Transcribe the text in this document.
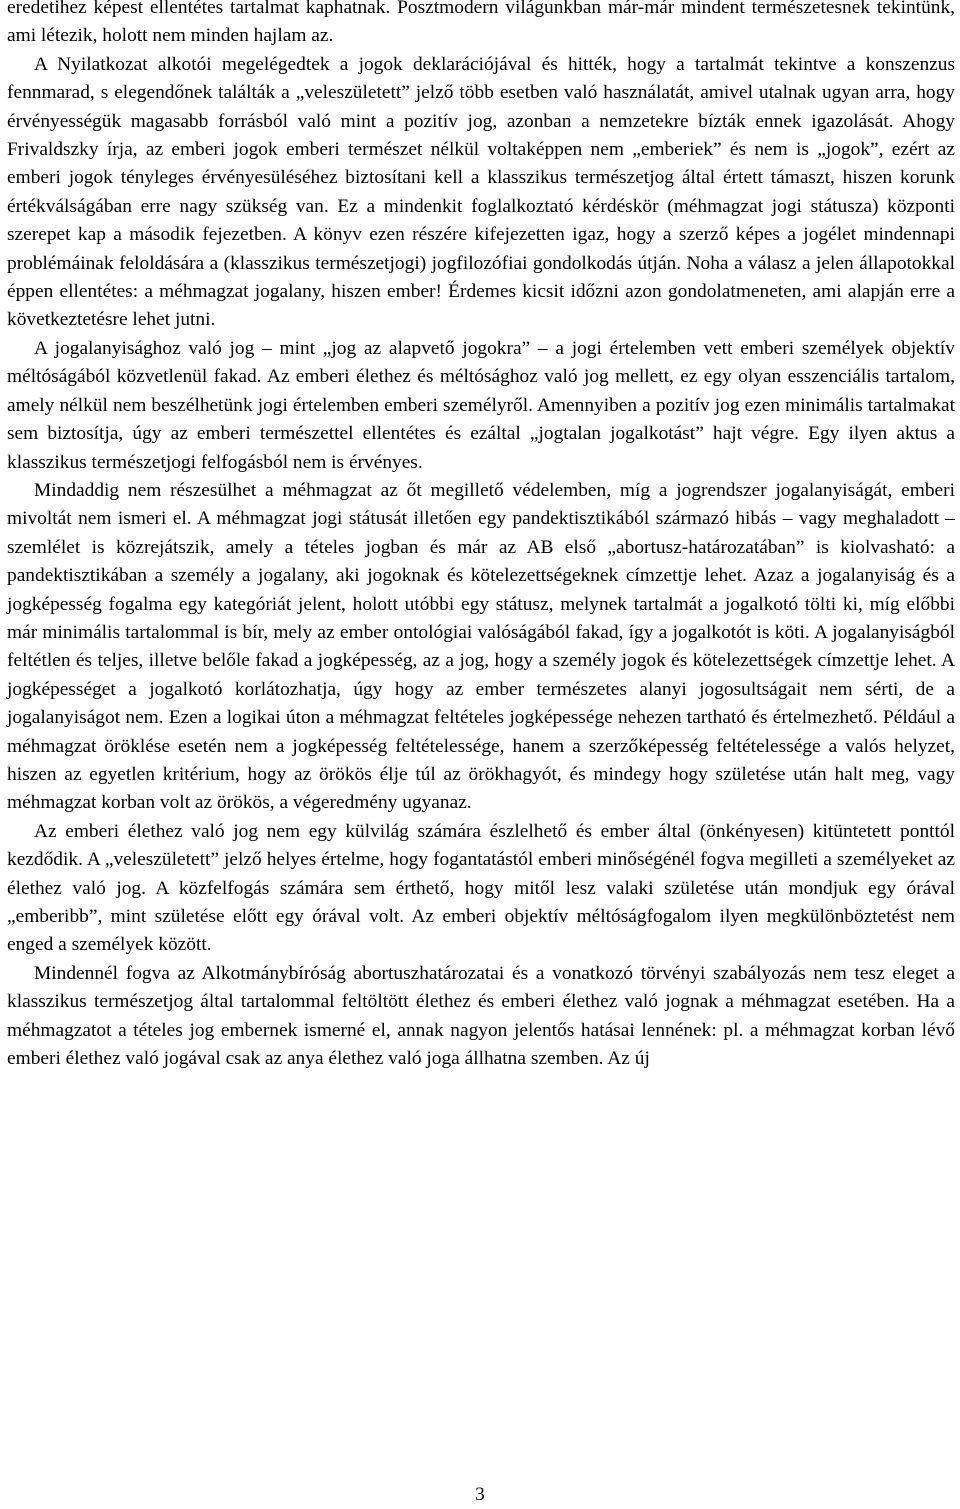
eredetihez képest ellentétes tartalmat kaphatnak. Posztmodern világunkban már-már mindent természetesnek tekintünk, ami létezik, holott nem minden hajlam az.

A Nyilatkozat alkotói megelégedtek a jogok deklarációjával és hitték, hogy a tartalmát tekintve a konszenzus fennmarad, s elegendőnek találták a „veleszületett” jelző több esetben való használatát, amivel utalnak ugyan arra, hogy érvényességük magasabb forrásból való mint a pozitív jog, azonban a nemzetekre bízták ennek igazolását. Ahogy Frivaldszky írja, az emberi jogok emberi természet nélkül voltaképpen nem „emberiek” és nem is „jogok”, ezért az emberi jogok tényleges érvényesüléséhez biztosítani kell a klasszikus természetjog által értett támaszt, hiszen korunk értékválságában erre nagy szükség van. Ez a mindenkit foglalkoztató kérdéskör (méhmagzat jogi státusza) központi szerepet kap a második fejezetben. A könyv ezen részére kifejezetten igaz, hogy a szerző képes a jogélet mindennapi problémáinak feloldására a (klasszikus természetjogi) jogfilozófiai gondolkodás útján. Noha a válasz a jelen állapotokkal éppen ellentétes: a méhmagzat jogalany, hiszen ember! Érdemes kicsit időzni azon gondolatmeneten, ami alapján erre a következtetésre lehet jutni.

A jogalanyisághoz való jog – mint „jog az alapvető jogokra” – a jogi értelemben vett emberi személyek objektív méltóságából közvetlenül fakad. Az emberi élethez és méltósághoz való jog mellett, ez egy olyan esszenciális tartalom, amely nélkül nem beszélhetünk jogi értelemben emberi személyről. Amennyiben a pozitív jog ezen minimális tartalmakat sem biztosítja, úgy az emberi természettel ellentétes és ezáltal „jogtalan jogalkotást” hajt végre. Egy ilyen aktus a klasszikus természetjogi felfogásból nem is érvényes.

Mindaddig nem részesülhet a méhmagzat az őt megillető védelemben, míg a jogrendszer jogalanyiságát, emberi mivoltát nem ismeri el. A méhmagzat jogi státusát illetően egy pandektisztikából származó hibás – vagy meghaladott – szemlélet is közrejátszik, amely a tételes jogban és már az AB első „abortusz-határozatában” is kiolvasható: a pandektisztikában a személy a jogalany, aki jogoknak és kötelezettségeknek címzettje lehet. Azaz a jogalanyiság és a jogképesség fogalma egy kategóriát jelent, holott utóbbi egy státusz, melynek tartalmát a jogalkotó tölti ki, míg előbbi már minimális tartalommal is bír, mely az ember ontológiai valóságából fakad, így a jogalkotót is köti. A jogalanyiságból feltétlen és teljes, illetve belőle fakad a jogképesség, az a jog, hogy a személy jogok és kötelezettségek címzettje lehet. A jogképességet a jogalkotó korlátozhatja, úgy hogy az ember természetes alanyi jogosultságait nem sérti, de a jogalanyiságot nem. Ezen a logikai úton a méhmagzat feltételes jogképessége nehezen tartható és értelmezhető. Például a méhmagzat öröklése esetén nem a jogképesség feltételessége, hanem a szerzőképesség feltételessége a valós helyzet, hiszen az egyetlen kritérium, hogy az örökös élje túl az örökhagyót, és mindegy hogy születése után halt meg, vagy méhmagzat korban volt az örökös, a végeredmény ugyanaz.

Az emberi élethez való jog nem egy külvilág számára észlelhető és ember által (önkényesen) kitüntetett ponttól kezdődik. A „veleszületett” jelző helyes értelme, hogy fogantatástól emberi minőségénél fogva megilleti a személyeket az élethez való jog. A közfelfogás számára sem érthető, hogy mitől lesz valaki születése után mondjuk egy órával „emberibb”, mint születése előtt egy órával volt. Az emberi objektív méltóságfogalom ilyen megkülönböztetést nem enged a személyek között.

Mindennél fogva az Alkotmánybíróság abortuszhatározatai és a vonatkozó törvényi szabályozás nem tesz eleget a klasszikus természetjog által tartalommal feltöltött élethez és emberi élethez való jognak a méhmagzat esetében. Ha a méhmagzatot a tételes jog embernek ismerné el, annak nagyon jelentős hatásai lennének: pl. a méhmagzat korban lévő emberi élethez való jogával csak az anya élethez való joga állhatna szemben. Az új

3
